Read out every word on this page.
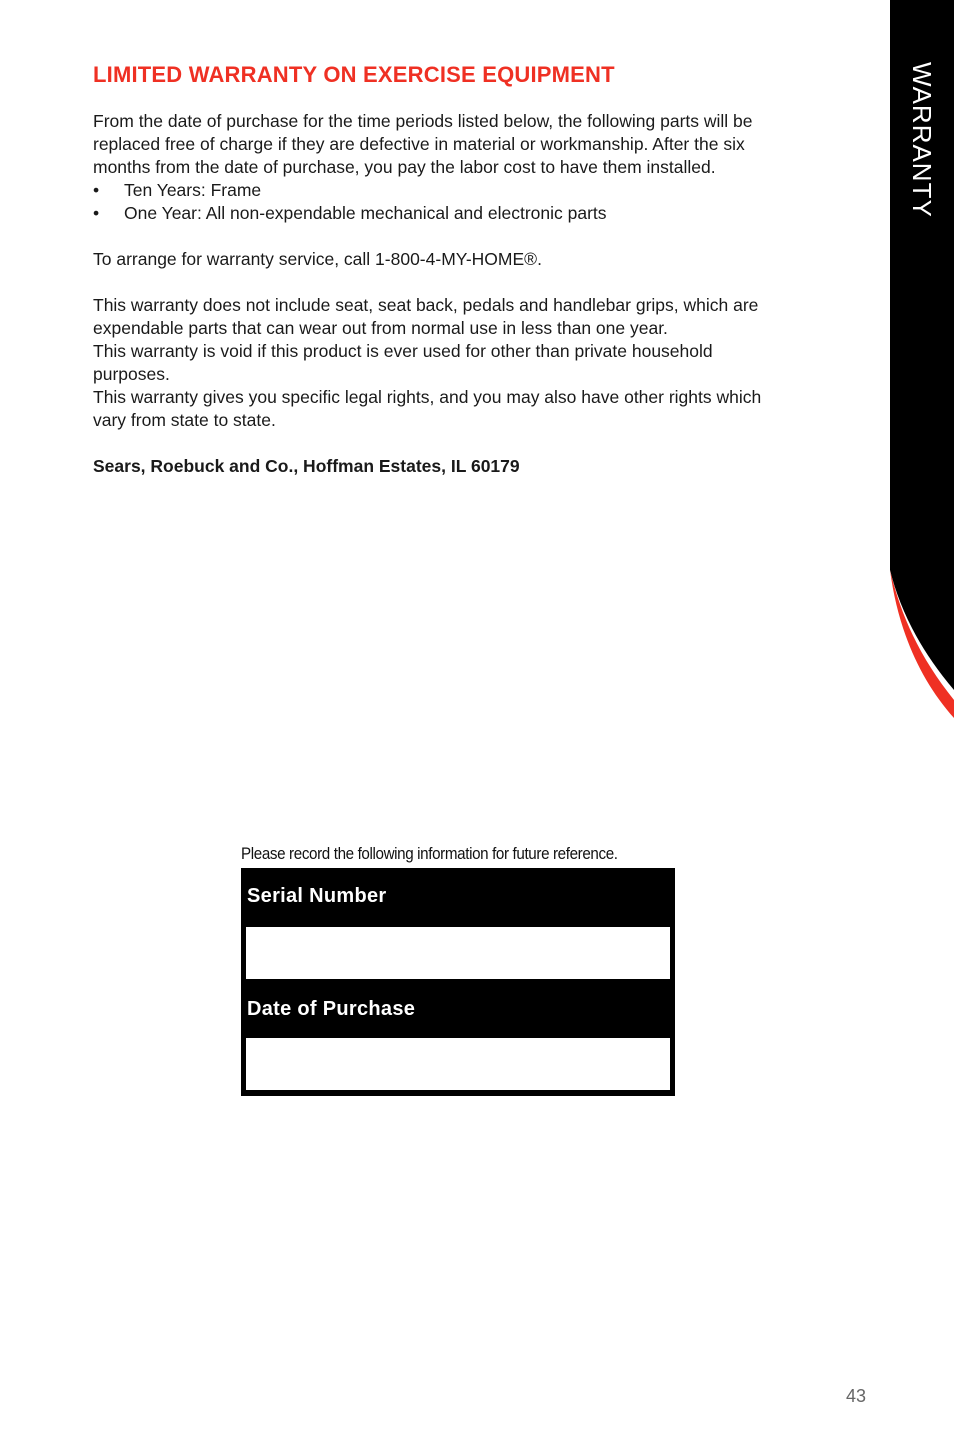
WARRANTY
LIMITED WARRANTY ON EXERCISE EQUIPMENT

From the date of purchase for the time periods listed below, the following parts will be replaced free of charge if they are defective in material or workmanship. After the six months from the date of purchase, you pay the labor cost to have them installed.

• Ten Years: Frame
• One Year: All non-expendable mechanical and electronic parts

To arrange for warranty service, call 1-800-4-MY-HOME®.

This warranty does not include seat, seat back, pedals and handlebar grips, which are expendable parts that can wear out from normal use in less than one year.

This warranty is void if this product is ever used for other than private household purposes.

This warranty gives you specific legal rights, and you may also have other rights which vary from state to state.

Sears, Roebuck and Co., Hoffman Estates, IL 60179

Please record the following information for future reference.
Serial Number
Date of Purchase
43
